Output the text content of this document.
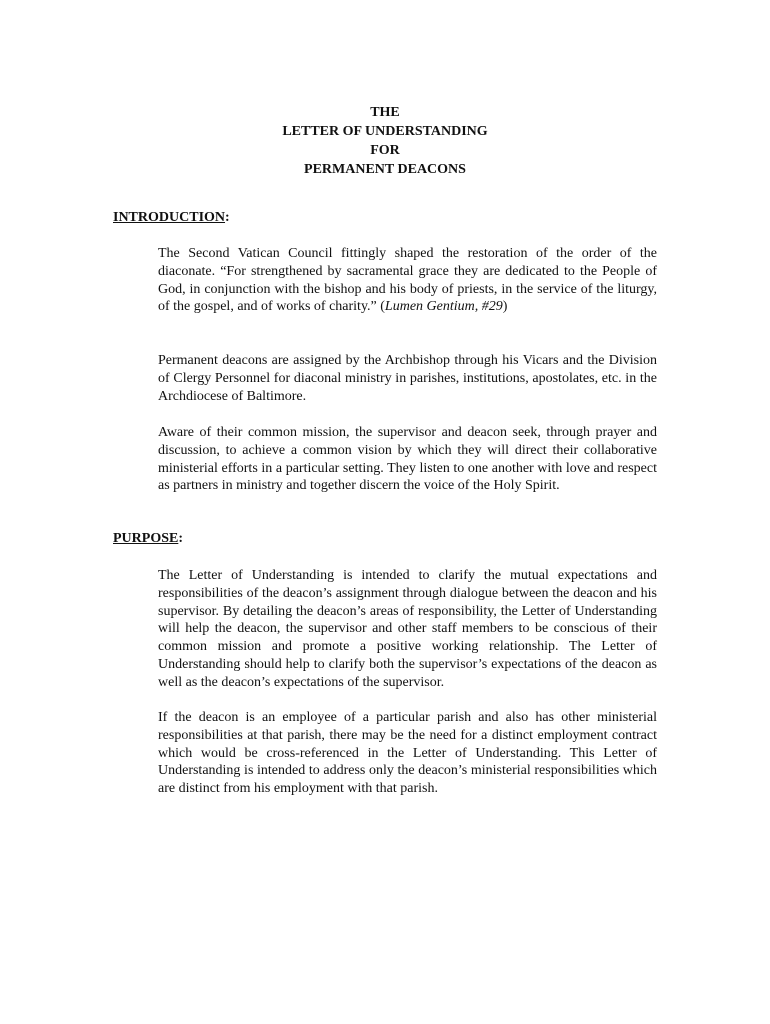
THE
LETTER OF UNDERSTANDING
FOR
PERMANENT DEACONS
INTRODUCTION:

The Second Vatican Council fittingly shaped the restoration of the order of the diaconate. “For strengthened by sacramental grace they are dedicated to the People of God, in conjunction with the bishop and his body of priests, in the service of the liturgy, of the gospel, and of works of charity.” (Lumen Gentium, #29)

Permanent deacons are assigned by the Archbishop through his Vicars and the Division of Clergy Personnel for diaconal ministry in parishes, institutions, apostolates, etc. in the Archdiocese of Baltimore.

Aware of their common mission, the supervisor and deacon seek, through prayer and discussion, to achieve a common vision by which they will direct their collaborative ministerial efforts in a particular setting. They listen to one another with love and respect as partners in ministry and together discern the voice of the Holy Spirit.

PURPOSE:

The Letter of Understanding is intended to clarify the mutual expectations and responsibilities of the deacon’s assignment through dialogue between the deacon and his supervisor. By detailing the deacon’s areas of responsibility, the Letter of Understanding will help the deacon, the supervisor and other staff members to be conscious of their common mission and promote a positive working relationship. The Letter of Understanding should help to clarify both the supervisor’s expectations of the deacon as well as the deacon’s expectations of the supervisor.

If the deacon is an employee of a particular parish and also has other ministerial responsibilities at that parish, there may be the need for a distinct employment contract which would be cross-referenced in the Letter of Understanding. This Letter of Understanding is intended to address only the deacon’s ministerial responsibilities which are distinct from his employment with that parish.
